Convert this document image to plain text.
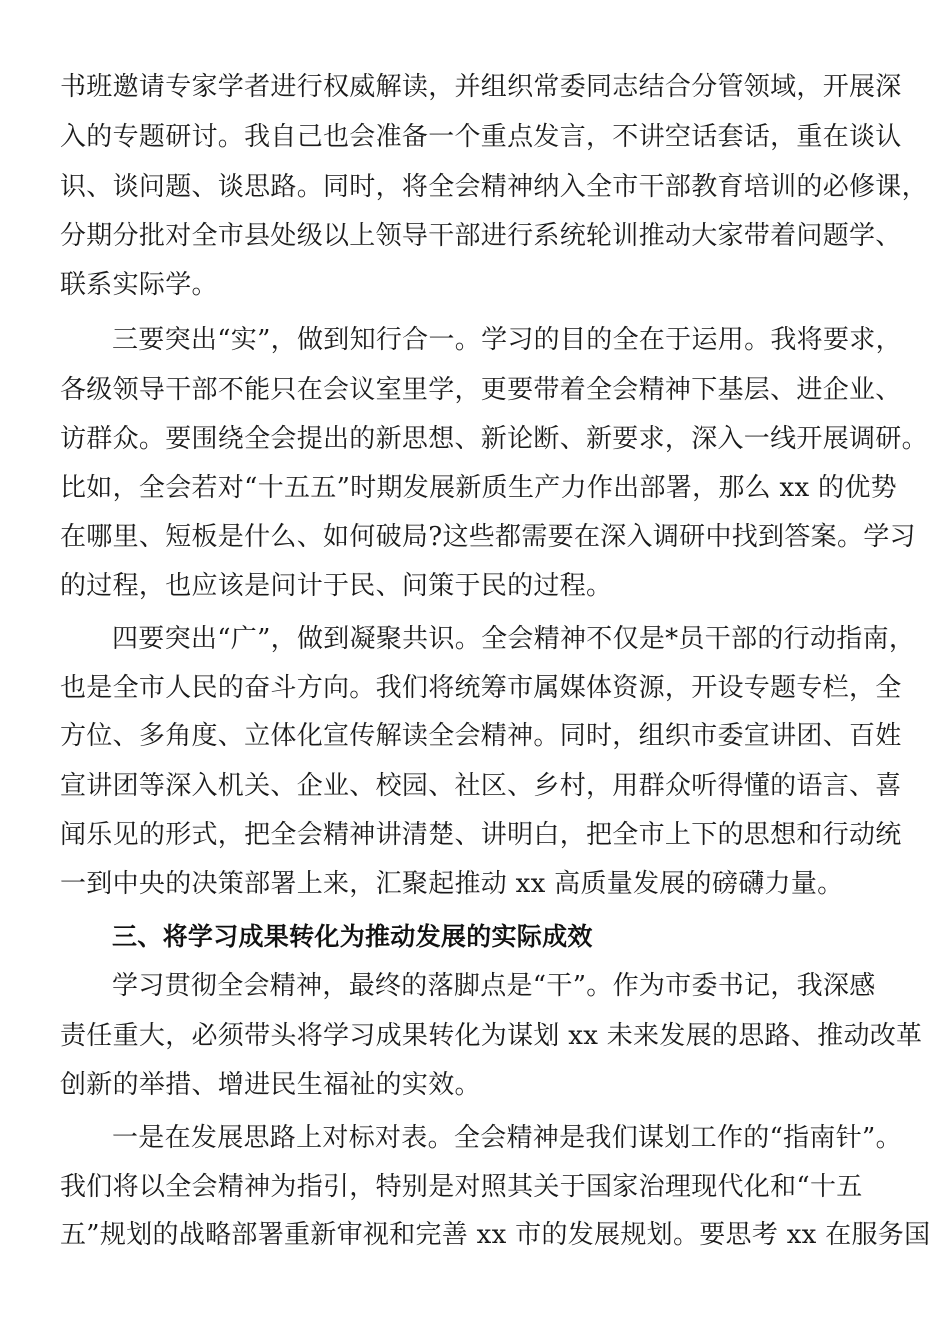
书班邀请专家学者进行权威解读，并组织常委同志结合分管领域，开展深

入的专题研讨。我自己也会准备一个重点发言，不讲空话套话，重在谈认

识、谈问题、谈思路。同时，将全会精神纳入全市干部教育培训的必修课，

分期分批对全市县处级以上领导干部进行系统轮训推动大家带着问题学、

联系实际学。

三要突出“实”，做到知行合一。学习的目的全在于运用。我将要求，

各级领导干部不能只在会议室里学，更要带着全会精神下基层、进企业、

访群众。要围绕全会提出的新思想、新论断、新要求，深入一线开展调研。

比如，全会若对“十五五”时期发展新质生产力作出部署，那么 xx 的优势

在哪里、短板是什么、如何破局?这些都需要在深入调研中找到答案。学习

的过程，也应该是问计于民、问策于民的过程。

四要突出“广”，做到凝聚共识。全会精神不仅是*员干部的行动指南，

也是全市人民的奋斗方向。我们将统筹市属媒体资源，开设专题专栏，全

方位、多角度、立体化宣传解读全会精神。同时，组织市委宣讲团、百姓

宣讲团等深入机关、企业、校园、社区、乡村，用群众听得懂的语言、喜

闻乐见的形式，把全会精神讲清楚、讲明白，把全市上下的思想和行动统

一到中央的决策部署上来，汇聚起推动 xx 高质量发展的磅礴力量。

三、将学习成果转化为推动发展的实际成效

学习贯彻全会精神，最终的落脚点是“干”。作为市委书记，我深感

责任重大，必须带头将学习成果转化为谋划 xx 未来发展的思路、推动改革

创新的举措、增进民生福祉的实效。

一是在发展思路上对标对表。全会精神是我们谋划工作的“指南针”。

我们将以全会精神为指引，特别是对照其关于国家治理现代化和“十五

五”规划的战略部署重新审视和完善 xx 市的发展规划。要思考 xx 在服务国
